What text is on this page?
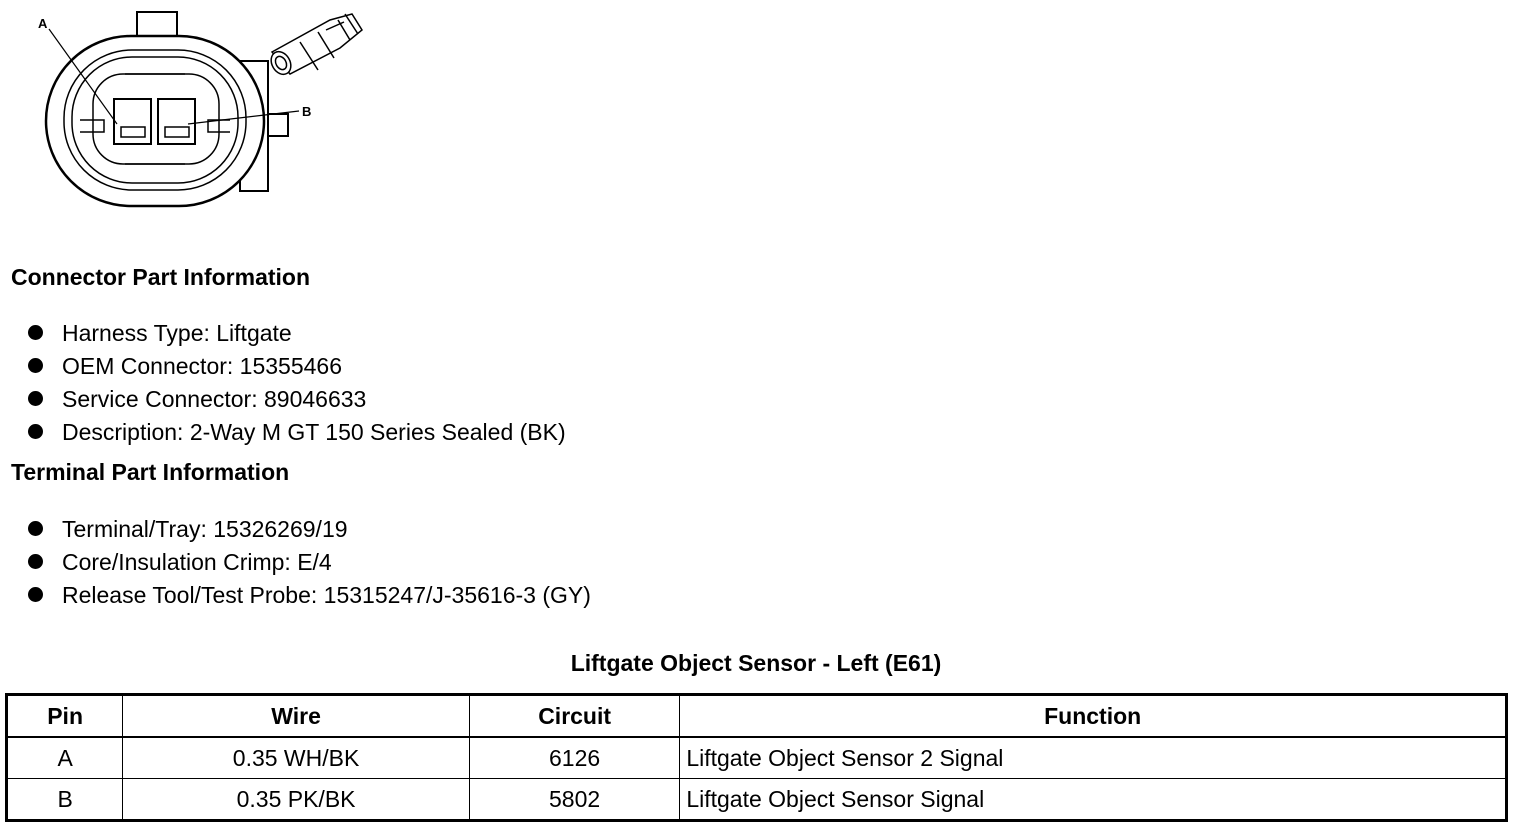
A
B
Connector Part Information
Harness Type: Liftgate
OEM Connector: 15355466
Service Connector: 89046633
Description: 2-Way M GT 150 Series Sealed (BK)
Terminal Part Information
Terminal/Tray: 15326269/19
Core/Insulation Crimp: E/4
Release Tool/Test Probe: 15315247/J-35616-3 (GY)
Liftgate Object Sensor - Left (E61)
Pin	Wire	Circuit	Function
A	0.35 WH/BK	6126	Liftgate Object Sensor 2 Signal
B	0.35 PK/BK	5802	Liftgate Object Sensor Signal
